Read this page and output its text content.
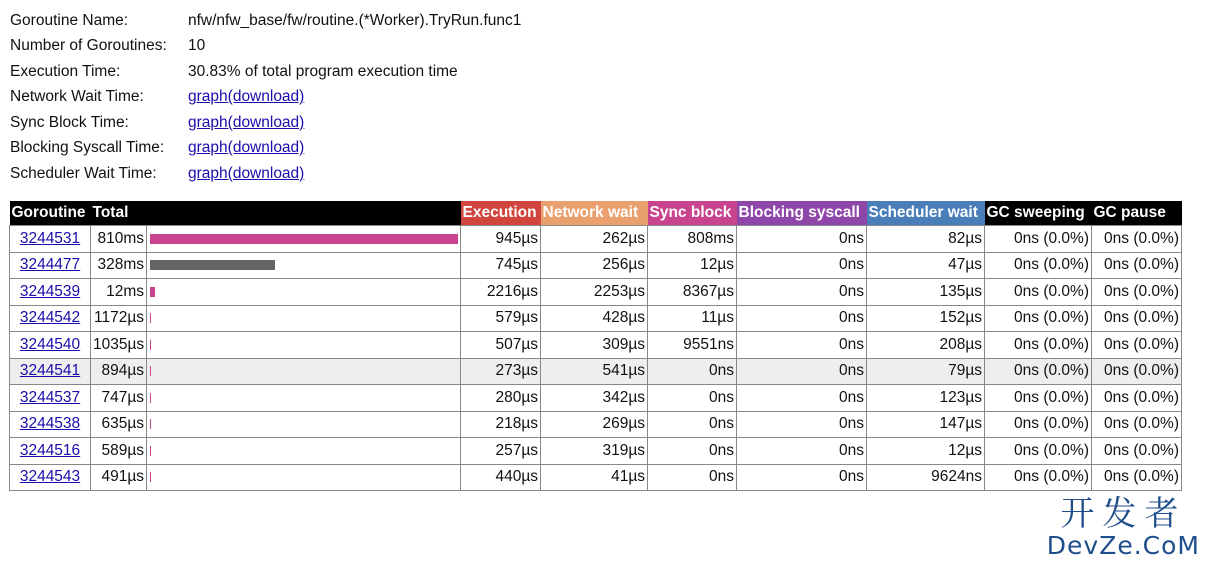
Goroutine Name:	nfw/nfw_base/fw/routine.(*Worker).TryRun.func1
Number of Goroutines:	10
Execution Time:	30.83% of total program execution time
Network Wait Time:	graph(download)
Sync Block Time:	graph(download)
Blocking Syscall Time:	graph(download)
Scheduler Wait Time:	graph(download)
Goroutine	Total		Execution	Network wait	Sync block	Blocking syscall	Scheduler wait	GC sweeping	GC pause
3244531	810ms		945µs	262µs	808ms	0ns	82µs	0ns (0.0%)	0ns (0.0%)
3244477	328ms		745µs	256µs	12µs	0ns	47µs	0ns (0.0%)	0ns (0.0%)
3244539	12ms		2216µs	2253µs	8367µs	0ns	135µs	0ns (0.0%)	0ns (0.0%)
3244542	1172µs		579µs	428µs	11µs	0ns	152µs	0ns (0.0%)	0ns (0.0%)
3244540	1035µs		507µs	309µs	9551ns	0ns	208µs	0ns (0.0%)	0ns (0.0%)
3244541	894µs		273µs	541µs	0ns	0ns	79µs	0ns (0.0%)	0ns (0.0%)
3244537	747µs		280µs	342µs	0ns	0ns	123µs	0ns (0.0%)	0ns (0.0%)
3244538	635µs		218µs	269µs	0ns	0ns	147µs	0ns (0.0%)	0ns (0.0%)
3244516	589µs		257µs	319µs	0ns	0ns	12µs	0ns (0.0%)	0ns (0.0%)
3244543	491µs		440µs	41µs	0ns	0ns	9624ns	0ns (0.0%)	0ns (0.0%)
开发者
DevZe.CoM
